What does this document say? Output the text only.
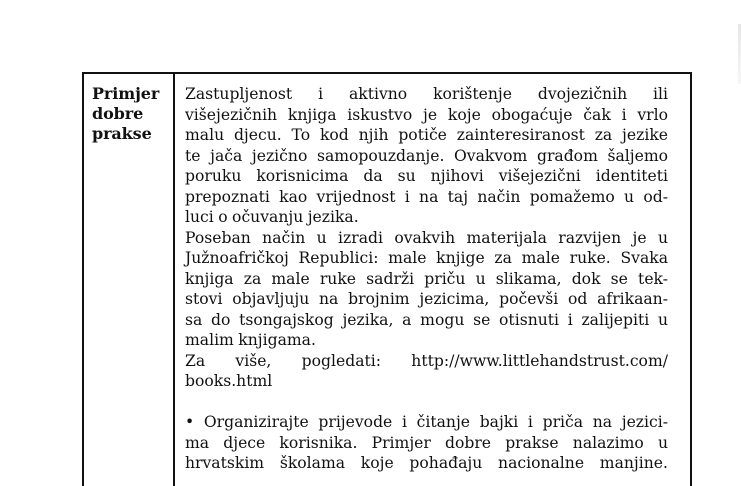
Primjer
dobre
prakse
Zastupljenost i aktivno korištenje dvojezičnih ili
višejezičnih knjiga iskustvo je koje obogaćuje čak i vrlo
malu djecu. To kod njih potiče zainteresiranost za jezike
te jača jezično samopouzdanje. Ovakvom građom šaljemo
poruku korisnicima da su njihovi višejezični identiteti
prepoznati kao vrijednost i na taj način pomažemo u od-
luci o očuvanju jezika.
Poseban način u izradi ovakvih materijala razvijen je u
Južnoafričkoj Republici: male knjige za male ruke. Svaka
knjiga za male ruke sadrži priču u slikama, dok se tek-
stovi objavljuju na brojnim jezicima, počevši od afrikaan-
sa do tsongajskog jezika, a mogu se otisnuti i zalijepiti u
malim knjigama.
Za više, pogledati: http://www.littlehandstrust.com/
books.html
• Organizirajte prijevode i čitanje bajki i priča na jezici-
ma djece korisnika. Primjer dobre prakse nalazimo u
hrvatskim školama koje pohađaju nacionalne manjine.
